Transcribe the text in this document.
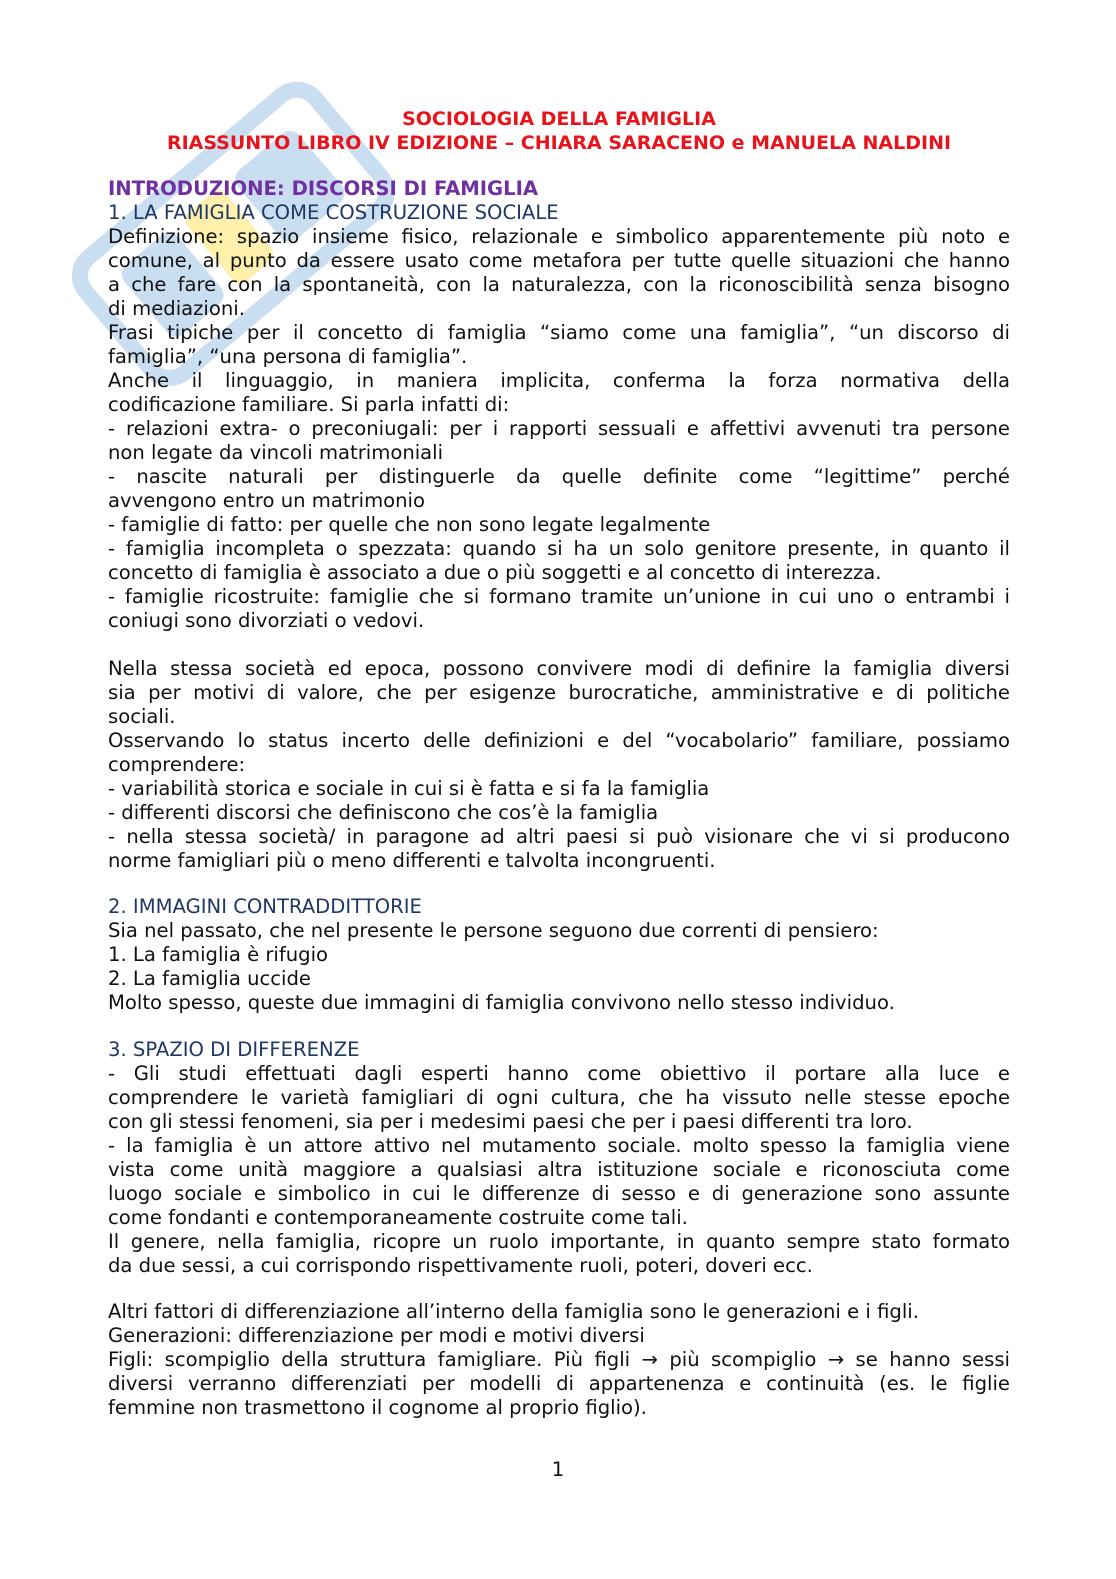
SOCIOLOGIA DELLA FAMIGLIA
RIASSUNTO LIBRO IV EDIZIONE – CHIARA SARACENO e MANUELA NALDINI
INTRODUZIONE: DISCORSI DI FAMIGLIA
1. LA FAMIGLIA COME COSTRUZIONE SOCIALE
Definizione: spazio insieme fisico, relazionale e simbolico apparentemente più noto e
comune, al punto da essere usato come metafora per tutte quelle situazioni che hanno
a che fare con la spontaneità, con la naturalezza, con la riconoscibilità senza bisogno
di mediazioni.
Frasi tipiche per il concetto di famiglia “siamo come una famiglia”, “un discorso di
famiglia”, “una persona di famiglia”.
Anche il linguaggio, in maniera implicita, conferma la forza normativa della
codificazione familiare. Si parla infatti di:
- relazioni extra- o preconiugali: per i rapporti sessuali e affettivi avvenuti tra persone
non legate da vincoli matrimoniali
- nascite naturali per distinguerle da quelle definite come “legittime” perché
avvengono entro un matrimonio
- famiglie di fatto: per quelle che non sono legate legalmente
- famiglia incompleta o spezzata: quando si ha un solo genitore presente, in quanto il
concetto di famiglia è associato a due o più soggetti e al concetto di interezza.
- famiglie ricostruite: famiglie che si formano tramite un’unione in cui uno o entrambi i
coniugi sono divorziati o vedovi.
Nella stessa società ed epoca, possono convivere modi di definire la famiglia diversi
sia per motivi di valore, che per esigenze burocratiche, amministrative e di politiche
sociali.
Osservando lo status incerto delle definizioni e del “vocabolario” familiare, possiamo
comprendere:
- variabilità storica e sociale in cui si è fatta e si fa la famiglia
- differenti discorsi che definiscono che cos’è la famiglia
- nella stessa società/ in paragone ad altri paesi si può visionare che vi si producono
norme famigliari più o meno differenti e talvolta incongruenti.
2. IMMAGINI CONTRADDITTORIE
Sia nel passato, che nel presente le persone seguono due correnti di pensiero:
1. La famiglia è rifugio
2. La famiglia uccide
Molto spesso, queste due immagini di famiglia convivono nello stesso individuo.
3. SPAZIO DI DIFFERENZE
- Gli studi effettuati dagli esperti hanno come obiettivo il portare alla luce e
comprendere le varietà famigliari di ogni cultura, che ha vissuto nelle stesse epoche
con gli stessi fenomeni, sia per i medesimi paesi che per i paesi differenti tra loro.
- la famiglia è un attore attivo nel mutamento sociale. molto spesso la famiglia viene
vista come unità maggiore a qualsiasi altra istituzione sociale e riconosciuta come
luogo sociale e simbolico in cui le differenze di sesso e di generazione sono assunte
come fondanti e contemporaneamente costruite come tali.
Il genere, nella famiglia, ricopre un ruolo importante, in quanto sempre stato formato
da due sessi, a cui corrispondo rispettivamente ruoli, poteri, doveri ecc.
Altri fattori di differenziazione all’interno della famiglia sono le generazioni e i figli.
Generazioni: differenziazione per modi e motivi diversi
Figli: scompiglio della struttura famigliare. Più figli → più scompiglio → se hanno sessi
diversi verranno differenziati per modelli di appartenenza e continuità (es. le figlie
femmine non trasmettono il cognome al proprio figlio).
1
